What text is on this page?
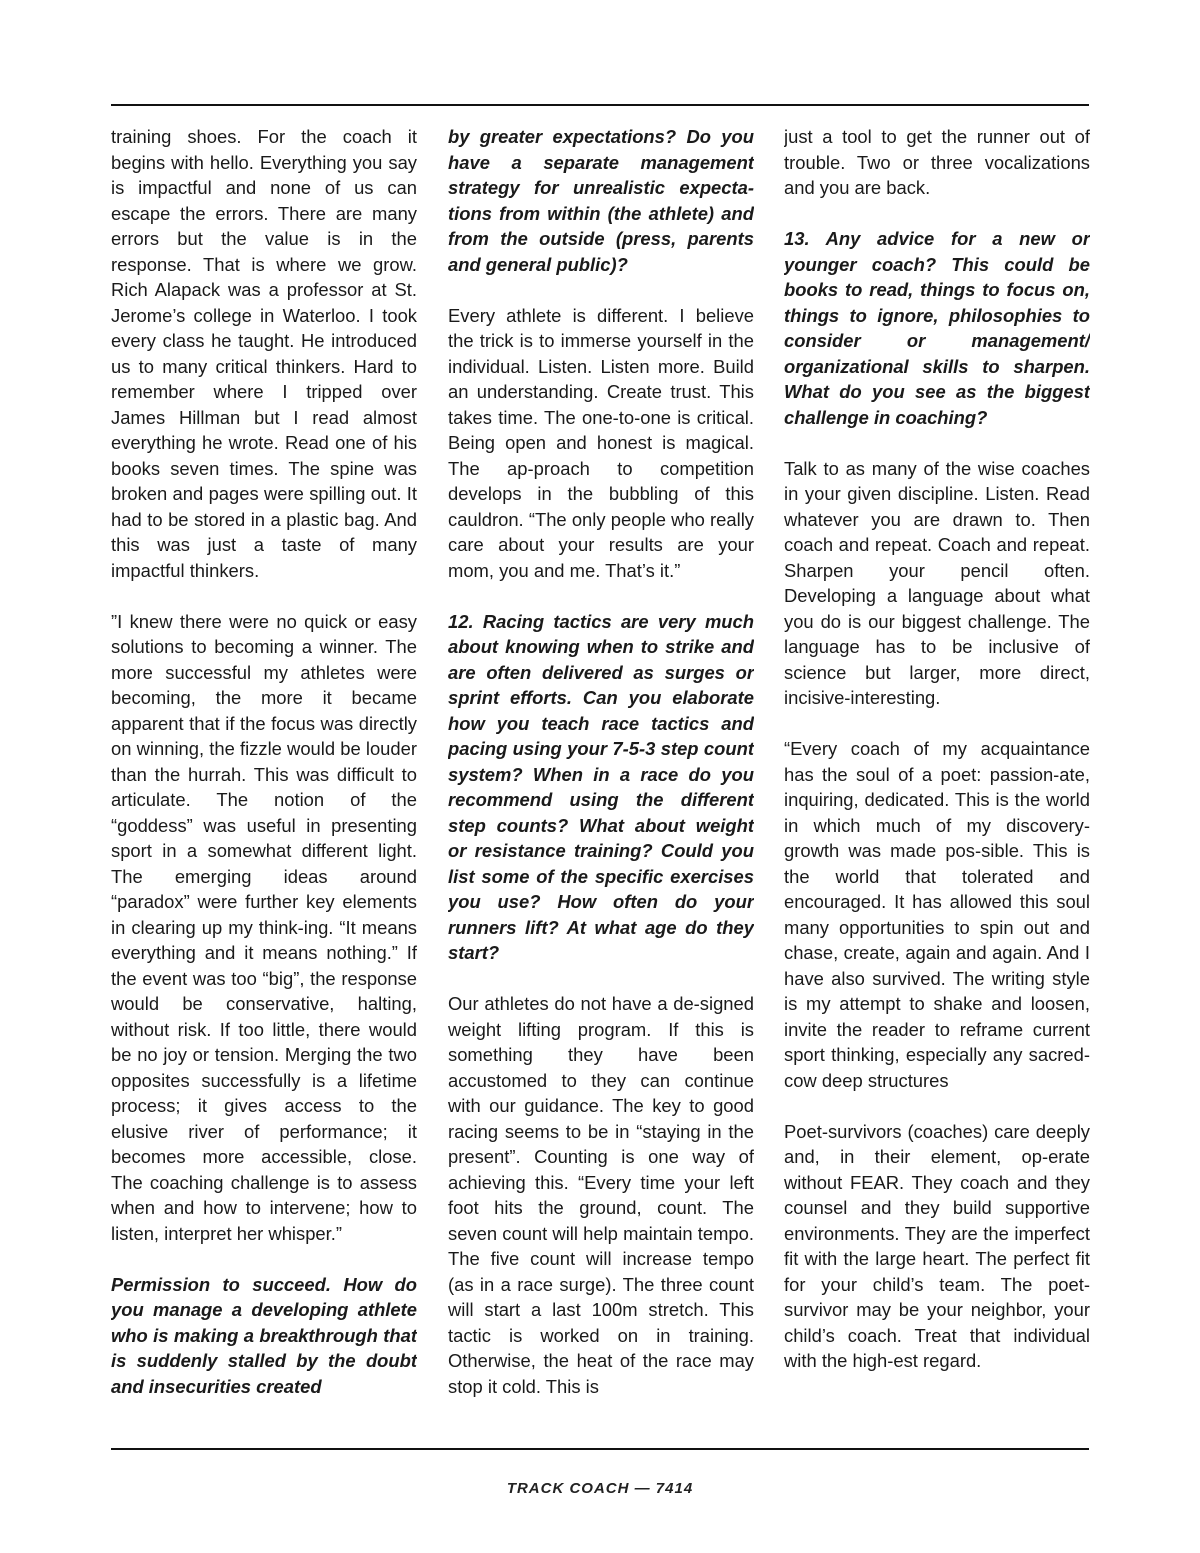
training shoes. For the coach it begins with hello. Everything you say is impactful and none of us can escape the errors. There are many errors but the value is in the response. That is where we grow. Rich Alapack was a professor at St. Jerome’s college in Waterloo. I took every class he taught. He introduced us to many critical thinkers. Hard to remember where I tripped over James Hillman but I read almost everything he wrote. Read one of his books seven times. The spine was broken and pages were spilling out. It had to be stored in a plastic bag. And this was just a taste of many impactful thinkers.

”I knew there were no quick or easy solutions to becoming a winner. The more successful my athletes were becoming, the more it became apparent that if the focus was directly on winning, the fizzle would be louder than the hurrah. This was difficult to articulate. The notion of the “goddess” was useful in presenting sport in a somewhat different light. The emerging ideas around “paradox” were further key elements in clearing up my think-ing. “It means everything and it means nothing.” If the event was too “big”, the response would be conservative, halting, without risk. If too little, there would be no joy or tension. Merging the two opposites successfully is a lifetime process; it gives access to the elusive river of performance; it becomes more accessible, close. The coaching challenge is to assess when and how to intervene; how to listen, interpret her whisper.”

Permission to succeed. How do you manage a developing athlete who is making a breakthrough that is suddenly stalled by the doubt and insecurities created

by greater expectations? Do you have a separate management strategy for unrealistic expecta-tions from within (the athlete) and from the outside (press, parents and general public)?

Every athlete is different. I believe the trick is to immerse yourself in the individual. Listen. Listen more. Build an understanding. Create trust. This takes time. The one-to-one is critical. Being open and honest is magical. The ap-proach to competition develops in the bubbling of this cauldron. “The only people who really care about your results are your mom, you and me. That’s it.”

12. Racing tactics are very much about knowing when to strike and are often delivered as surges or sprint efforts. Can you elaborate how you teach race tactics and pacing using your 7-5-3 step count system? When in a race do you recommend using the different step counts? What about weight or resistance training? Could you list some of the specific exercises you use? How often do your runners lift? At what age do they start?

Our athletes do not have a de-signed weight lifting program. If this is something they have been accustomed to they can continue with our guidance. The key to good racing seems to be in “staying in the present”. Counting is one way of achieving this. “Every time your left foot hits the ground, count. The seven count will help maintain tempo. The five count will increase tempo (as in a race surge). The three count will start a last 100m stretch. This tactic is worked on in training. Otherwise, the heat of the race may stop it cold. This is

just a tool to get the runner out of trouble. Two or three vocalizations and you are back.

13. Any advice for a new or younger coach? This could be books to read, things to focus on, things to ignore, philosophies to consider or management/ organizational skills to sharpen. What do you see as the biggest challenge in coaching?

Talk to as many of the wise coaches in your given discipline. Listen. Read whatever you are drawn to. Then coach and repeat. Coach and repeat. Sharpen your pencil often. Developing a language about what you do is our biggest challenge. The language has to be inclusive of science but larger, more direct, incisive-interesting.

“Every coach of my acquaintance has the soul of a poet: passion-ate, inquiring, dedicated. This is the world in which much of my discovery-growth was made pos-sible. This is the world that tolerated and encouraged. It has allowed this soul many opportunities to spin out and chase, create, again and again. And I have also survived. The writing style is my attempt to shake and loosen, invite the reader to reframe current sport thinking, especially any sacred-cow deep structures

Poet-survivors (coaches) care deeply and, in their element, op-erate without FEAR. They coach and they counsel and they build supportive environments. They are the imperfect fit with the large heart. The perfect fit for your child’s team. The poet-survivor may be your neighbor, your child’s coach. Treat that individual with the high-est regard.

TRACK COACH — 7414
